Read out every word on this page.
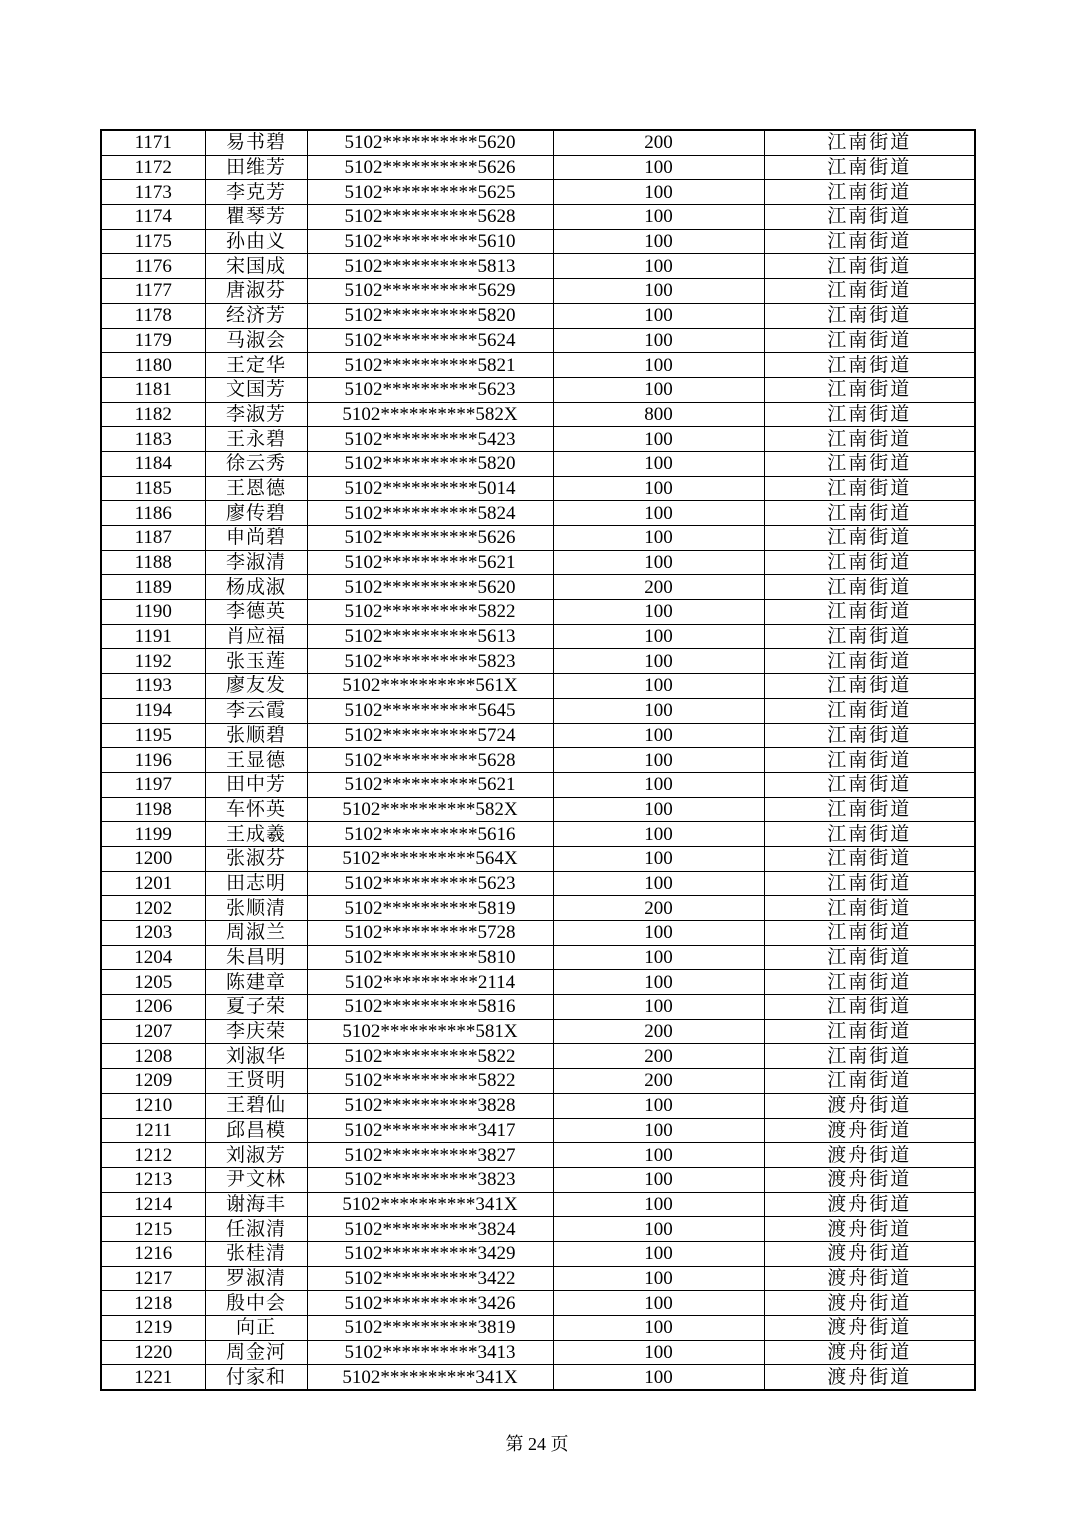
1171	易书碧	5102**********5620	200	江南街道
1172	田维芳	5102**********5626	100	江南街道
1173	李克芳	5102**********5625	100	江南街道
1174	瞿琴芳	5102**********5628	100	江南街道
1175	孙由义	5102**********5610	100	江南街道
1176	宋国成	5102**********5813	100	江南街道
1177	唐淑芬	5102**********5629	100	江南街道
1178	经济芳	5102**********5820	100	江南街道
1179	马淑会	5102**********5624	100	江南街道
1180	王定华	5102**********5821	100	江南街道
1181	文国芳	5102**********5623	100	江南街道
1182	李淑芳	5102**********582X	800	江南街道
1183	王永碧	5102**********5423	100	江南街道
1184	徐云秀	5102**********5820	100	江南街道
1185	王恩德	5102**********5014	100	江南街道
1186	廖传碧	5102**********5824	100	江南街道
1187	申尚碧	5102**********5626	100	江南街道
1188	李淑清	5102**********5621	100	江南街道
1189	杨成淑	5102**********5620	200	江南街道
1190	李德英	5102**********5822	100	江南街道
1191	肖应福	5102**********5613	100	江南街道
1192	张玉莲	5102**********5823	100	江南街道
1193	廖友发	5102**********561X	100	江南街道
1194	李云霞	5102**********5645	100	江南街道
1195	张顺碧	5102**********5724	100	江南街道
1196	王显德	5102**********5628	100	江南街道
1197	田中芳	5102**********5621	100	江南街道
1198	车怀英	5102**********582X	100	江南街道
1199	王成羲	5102**********5616	100	江南街道
1200	张淑芬	5102**********564X	100	江南街道
1201	田志明	5102**********5623	100	江南街道
1202	张顺清	5102**********5819	200	江南街道
1203	周淑兰	5102**********5728	100	江南街道
1204	朱昌明	5102**********5810	100	江南街道
1205	陈建章	5102**********2114	100	江南街道
1206	夏子荣	5102**********5816	100	江南街道
1207	李庆荣	5102**********581X	200	江南街道
1208	刘淑华	5102**********5822	200	江南街道
1209	王贤明	5102**********5822	200	江南街道
1210	王碧仙	5102**********3828	100	渡舟街道
1211	邱昌模	5102**********3417	100	渡舟街道
1212	刘淑芳	5102**********3827	100	渡舟街道
1213	尹文林	5102**********3823	100	渡舟街道
1214	谢海丰	5102**********341X	100	渡舟街道
1215	任淑清	5102**********3824	100	渡舟街道
1216	张桂清	5102**********3429	100	渡舟街道
1217	罗淑清	5102**********3422	100	渡舟街道
1218	殷中会	5102**********3426	100	渡舟街道
1219	向正	5102**********3819	100	渡舟街道
1220	周金河	5102**********3413	100	渡舟街道
1221	付家和	5102**********341X	100	渡舟街道
第 24 页
